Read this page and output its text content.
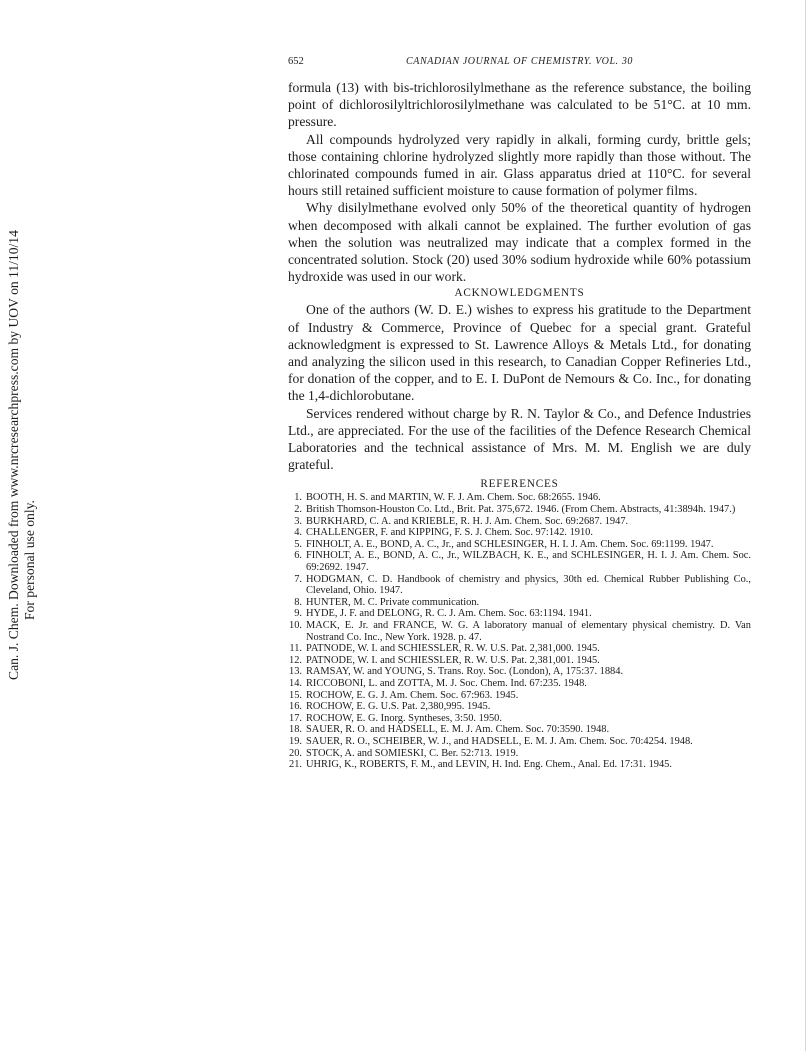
Can. J. Chem. Downloaded from www.nrcresearchpress.com by UOV on 11/10/14 For personal use only.
652	CANADIAN JOURNAL OF CHEMISTRY. VOL. 30

formula (13) with bis-trichlorosilylmethane as the reference substance, the boiling point of dichlorosilyltrichlorosilylmethane was calculated to be 51°C. at 10 mm. pressure.

All compounds hydrolyzed very rapidly in alkali, forming curdy, brittle gels; those containing chlorine hydrolyzed slightly more rapidly than those without. The chlorinated compounds fumed in air. Glass apparatus dried at 110°C. for several hours still retained sufficient moisture to cause formation of polymer films.

Why disilylmethane evolved only 50% of the theoretical quantity of hydrogen when decomposed with alkali cannot be explained. The further evolution of gas when the solution was neutralized may indicate that a complex formed in the concentrated solution. Stock (20) used 30% sodium hydroxide while 60% potassium hydroxide was used in our work.

ACKNOWLEDGMENTS

One of the authors (W. D. E.) wishes to express his gratitude to the Department of Industry & Commerce, Province of Quebec for a special grant. Grateful acknowledgment is expressed to St. Lawrence Alloys & Metals Ltd., for donating and analyzing the silicon used in this research, to Canadian Copper Refineries Ltd., for donation of the copper, and to E. I. DuPont de Nemours & Co. Inc., for donating the 1,4-dichlorobutane.

Services rendered without charge by R. N. Taylor & Co., and Defence Industries Ltd., are appreciated. For the use of the facilities of the Defence Research Chemical Laboratories and the technical assistance of Mrs. M. M. English we are duly grateful.

REFERENCES
1. BOOTH, H. S. and MARTIN, W. F. J. Am. Chem. Soc. 68:2655. 1946.
2. British Thomson-Houston Co. Ltd., Brit. Pat. 375,672. 1946. (From Chem. Abstracts, 41:3894h. 1947.)
3. BURKHARD, C. A. and KRIEBLE, R. H. J. Am. Chem. Soc. 69:2687. 1947.
4. CHALLENGER, F. and KIPPING, F. S. J. Chem. Soc. 97:142. 1910.
5. FINHOLT, A. E., BOND, A. C., Jr., and SCHLESINGER, H. I. J. Am. Chem. Soc. 69:1199. 1947.
6. FINHOLT, A. E., BOND, A. C., Jr., WILZBACH, K. E., and SCHLESINGER, H. I. J. Am. Chem. Soc. 69:2692. 1947.
7. HODGMAN, C. D. Handbook of chemistry and physics, 30th ed. Chemical Rubber Publishing Co., Cleveland, Ohio. 1947.
8. HUNTER, M. C. Private communication.
9. HYDE, J. F. and DELONG, R. C. J. Am. Chem. Soc. 63:1194. 1941.
10. MACK, E. Jr. and FRANCE, W. G. A laboratory manual of elementary physical chemistry. D. Van Nostrand Co. Inc., New York. 1928. p. 47.
11. PATNODE, W. I. and SCHIESSLER, R. W. U.S. Pat. 2,381,000. 1945.
12. PATNODE, W. I. and SCHIESSLER, R. W. U.S. Pat. 2,381,001. 1945.
13. RAMSAY, W. and YOUNG, S. Trans. Roy. Soc. (London), A, 175:37. 1884.
14. RICCOBONI, L. and ZOTTA, M. J. Soc. Chem. Ind. 67:235. 1948.
15. ROCHOW, E. G. J. Am. Chem. Soc. 67:963. 1945.
16. ROCHOW, E. G. U.S. Pat. 2,380,995. 1945.
17. ROCHOW, E. G. Inorg. Syntheses, 3:50. 1950.
18. SAUER, R. O. and HADSELL, E. M. J. Am. Chem. Soc. 70:3590. 1948.
19. SAUER, R. O., SCHEIBER, W. J., and HADSELL, E. M. J. Am. Chem. Soc. 70:4254. 1948.
20. STOCK, A. and SOMIESKI, C. Ber. 52:713. 1919.
21. UHRIG, K., ROBERTS, F. M., and LEVIN, H. Ind. Eng. Chem., Anal. Ed. 17:31. 1945.
